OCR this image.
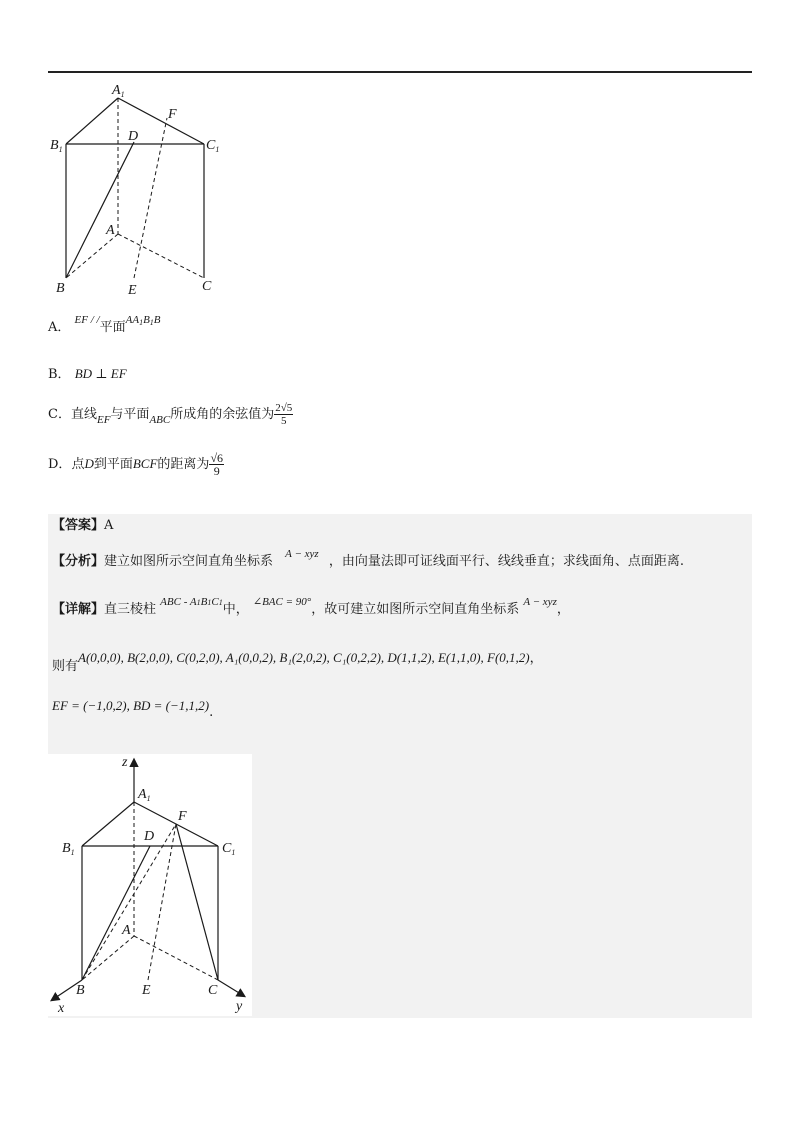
$A_1$
F
$B_1$
D
$C_1$
A
B	E	C
A． $^{EF / /}$平面$^{AA1B1B}$
B． BD ⊥ EF
C．直线$_{EF}$与平面$_{ABC}$所成角的余弦值为 $\frac{2√5}{5}$
D．点D到平面BCF的距离为 $\frac{√6}{9}$
【答案】A
【分析】建立如图所示空间直角坐标系 $^{A - xyz}$ ，由向量法即可证线面平行、线线垂直；求线面角、点面距离.
【详解】直三棱柱 $^{ABC - A1B1C1}$中， $^{\angle BAC = 90^\circ}$，故可建立如图所示空间直角坐标系 $^{A - xyz}$，
则有A(0,0,0), B(2,0,0), C(0,2,0), A₁(0,0,2), B₁(2,0,2), C₁(0,2,2), D(1,1,2), E(1,1,0), F(0,1,2)，
EF = (−1,0,2), BD = (−1,1,2).
z
$A_1$
F
D
$B_1$	$C_1$
A
B	E	C
x	y
